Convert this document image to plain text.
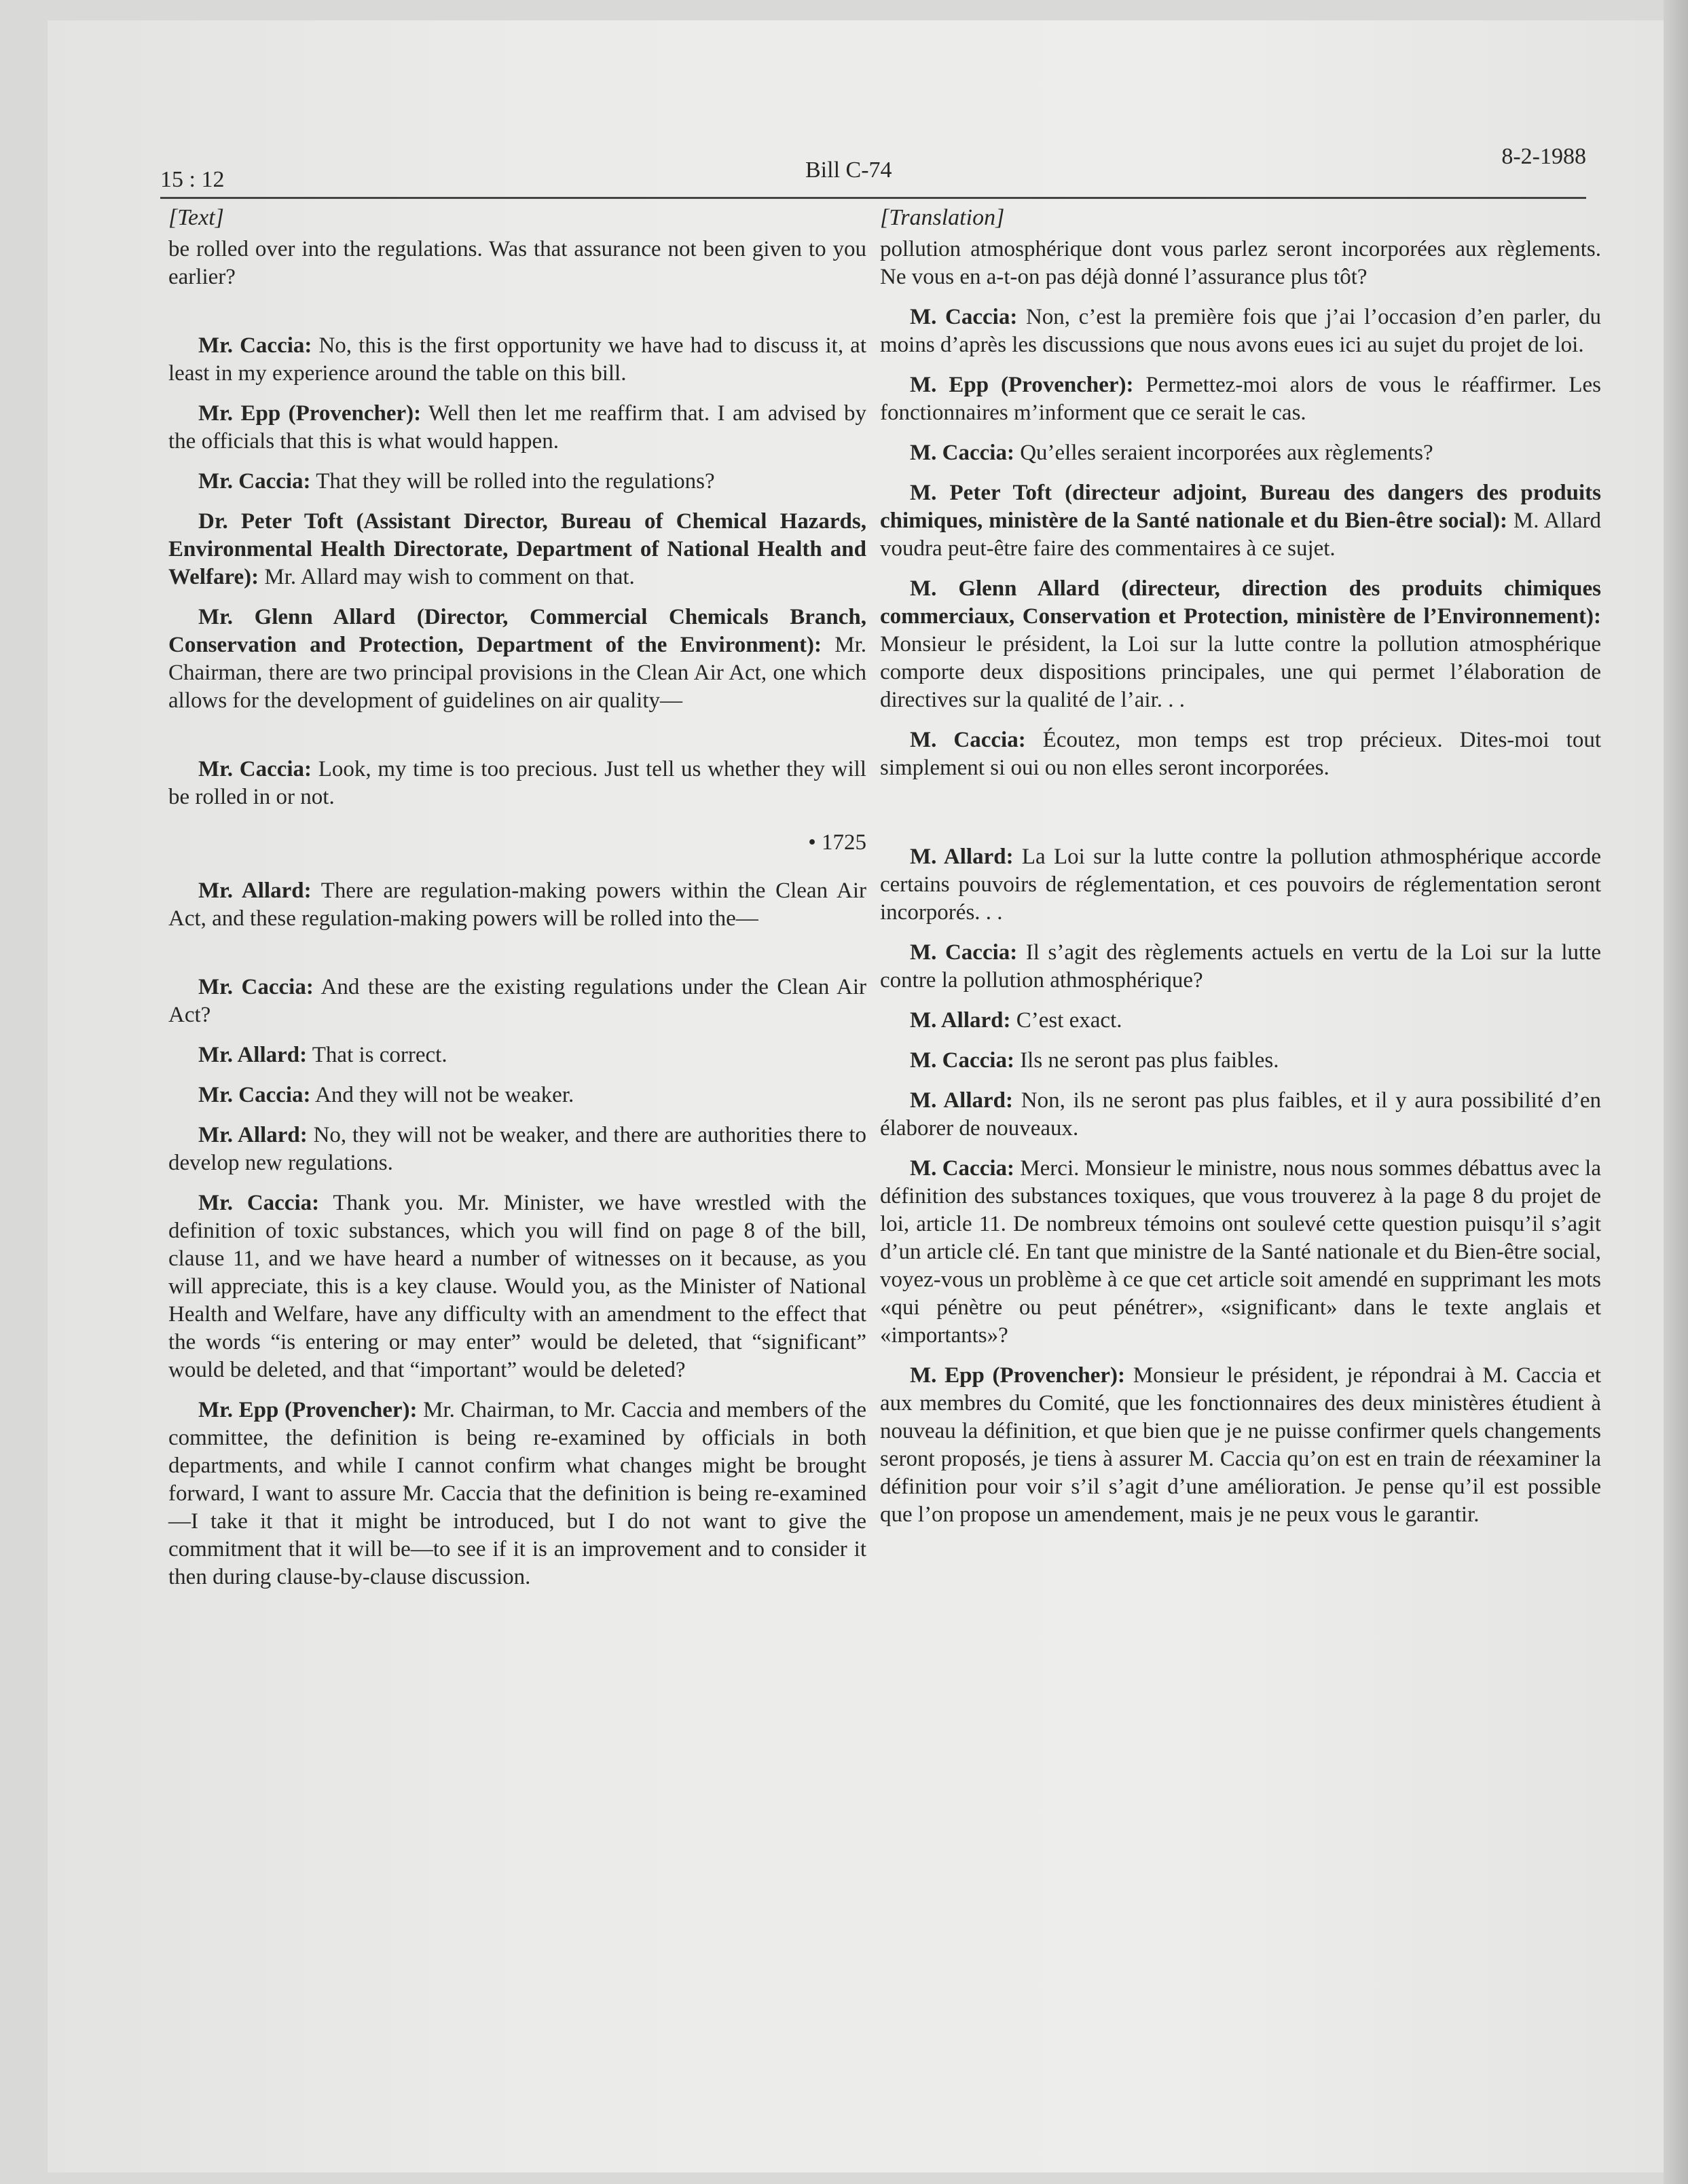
15 : 12	Bill C-74
8-2-1988
[Text]

be rolled over into the regulations. Was that assurance not been given to you earlier?

Mr. Caccia: No, this is the first opportunity we have had to discuss it, at least in my experience around the table on this bill.

Mr. Epp (Provencher): Well then let me reaffirm that. I am advised by the officials that this is what would happen.

Mr. Caccia: That they will be rolled into the regulations?

Dr. Peter Toft (Assistant Director, Bureau of Chemical Hazards, Environmental Health Directorate, Department of National Health and Welfare): Mr. Allard may wish to comment on that.

Mr. Glenn Allard (Director, Commercial Chemicals Branch, Conservation and Protection, Department of the Environment): Mr. Chairman, there are two principal provisions in the Clean Air Act, one which allows for the development of guidelines on air quality—

Mr. Caccia: Look, my time is too precious. Just tell us whether they will be rolled in or not.

• 1725

Mr. Allard: There are regulation-making powers within the Clean Air Act, and these regulation-making powers will be rolled into the—

Mr. Caccia: And these are the existing regulations under the Clean Air Act?

Mr. Allard: That is correct.

Mr. Caccia: And they will not be weaker.

Mr. Allard: No, they will not be weaker, and there are authorities there to develop new regulations.

Mr. Caccia: Thank you. Mr. Minister, we have wrestled with the definition of toxic substances, which you will find on page 8 of the bill, clause 11, and we have heard a number of witnesses on it because, as you will appreciate, this is a key clause. Would you, as the Minister of National Health and Welfare, have any difficulty with an amendment to the effect that the words “is entering or may enter” would be deleted, that “significant” would be deleted, and that “important” would be deleted?

Mr. Epp (Provencher): Mr. Chairman, to Mr. Caccia and members of the committee, the definition is being re-examined by officials in both departments, and while I cannot confirm what changes might be brought forward, I want to assure Mr. Caccia that the definition is being re-examined—I take it that it might be introduced, but I do not want to give the commitment that it will be—to see if it is an improvement and to consider it then during clause-by-clause discussion.

[Translation]

pollution atmosphérique dont vous parlez seront incorporées aux règlements. Ne vous en a-t-on pas déjà donné l’assurance plus tôt?

M. Caccia: Non, c’est la première fois que j’ai l’occasion d’en parler, du moins d’après les discussions que nous avons eues ici au sujet du projet de loi.

M. Epp (Provencher): Permettez-moi alors de vous le réaffirmer. Les fonctionnaires m’informent que ce serait le cas.

M. Caccia: Qu’elles seraient incorporées aux règlements?

M. Peter Toft (directeur adjoint, Bureau des dangers des produits chimiques, ministère de la Santé nationale et du Bien-être social): M. Allard voudra peut-être faire des commentaires à ce sujet.

M. Glenn Allard (directeur, direction des produits chimiques commerciaux, Conservation et Protection, ministère de l’Environnement): Monsieur le président, la Loi sur la lutte contre la pollution atmosphérique comporte deux dispositions principales, une qui permet l’élaboration de directives sur la qualité de l’air. . .

M. Caccia: Écoutez, mon temps est trop précieux. Dites-moi tout simplement si oui ou non elles seront incorporées.

M. Allard: La Loi sur la lutte contre la pollution athmosphérique accorde certains pouvoirs de réglementation, et ces pouvoirs de réglementation seront incorporés. . .

M. Caccia: Il s’agit des règlements actuels en vertu de la Loi sur la lutte contre la pollution athmosphérique?

M. Allard: C’est exact.

M. Caccia: Ils ne seront pas plus faibles.

M. Allard: Non, ils ne seront pas plus faibles, et il y aura possibilité d’en élaborer de nouveaux.

M. Caccia: Merci. Monsieur le ministre, nous nous sommes débattus avec la définition des substances toxiques, que vous trouverez à la page 8 du projet de loi, article 11. De nombreux témoins ont soulevé cette question puisqu’il s’agit d’un article clé. En tant que ministre de la Santé nationale et du Bien-être social, voyez-vous un problème à ce que cet article soit amendé en supprimant les mots «qui pénètre ou peut pénétrer», «significant» dans le texte anglais et «importants»?

M. Epp (Provencher): Monsieur le président, je répondrai à M. Caccia et aux membres du Comité, que les fonctionnaires des deux ministères étudient à nouveau la définition, et que bien que je ne puisse confirmer quels changements seront proposés, je tiens à assurer M. Caccia qu’on est en train de réexaminer la définition pour voir s’il s’agit d’une amélioration. Je pense qu’il est possible que l’on propose un amendement, mais je ne peux vous le garantir.
